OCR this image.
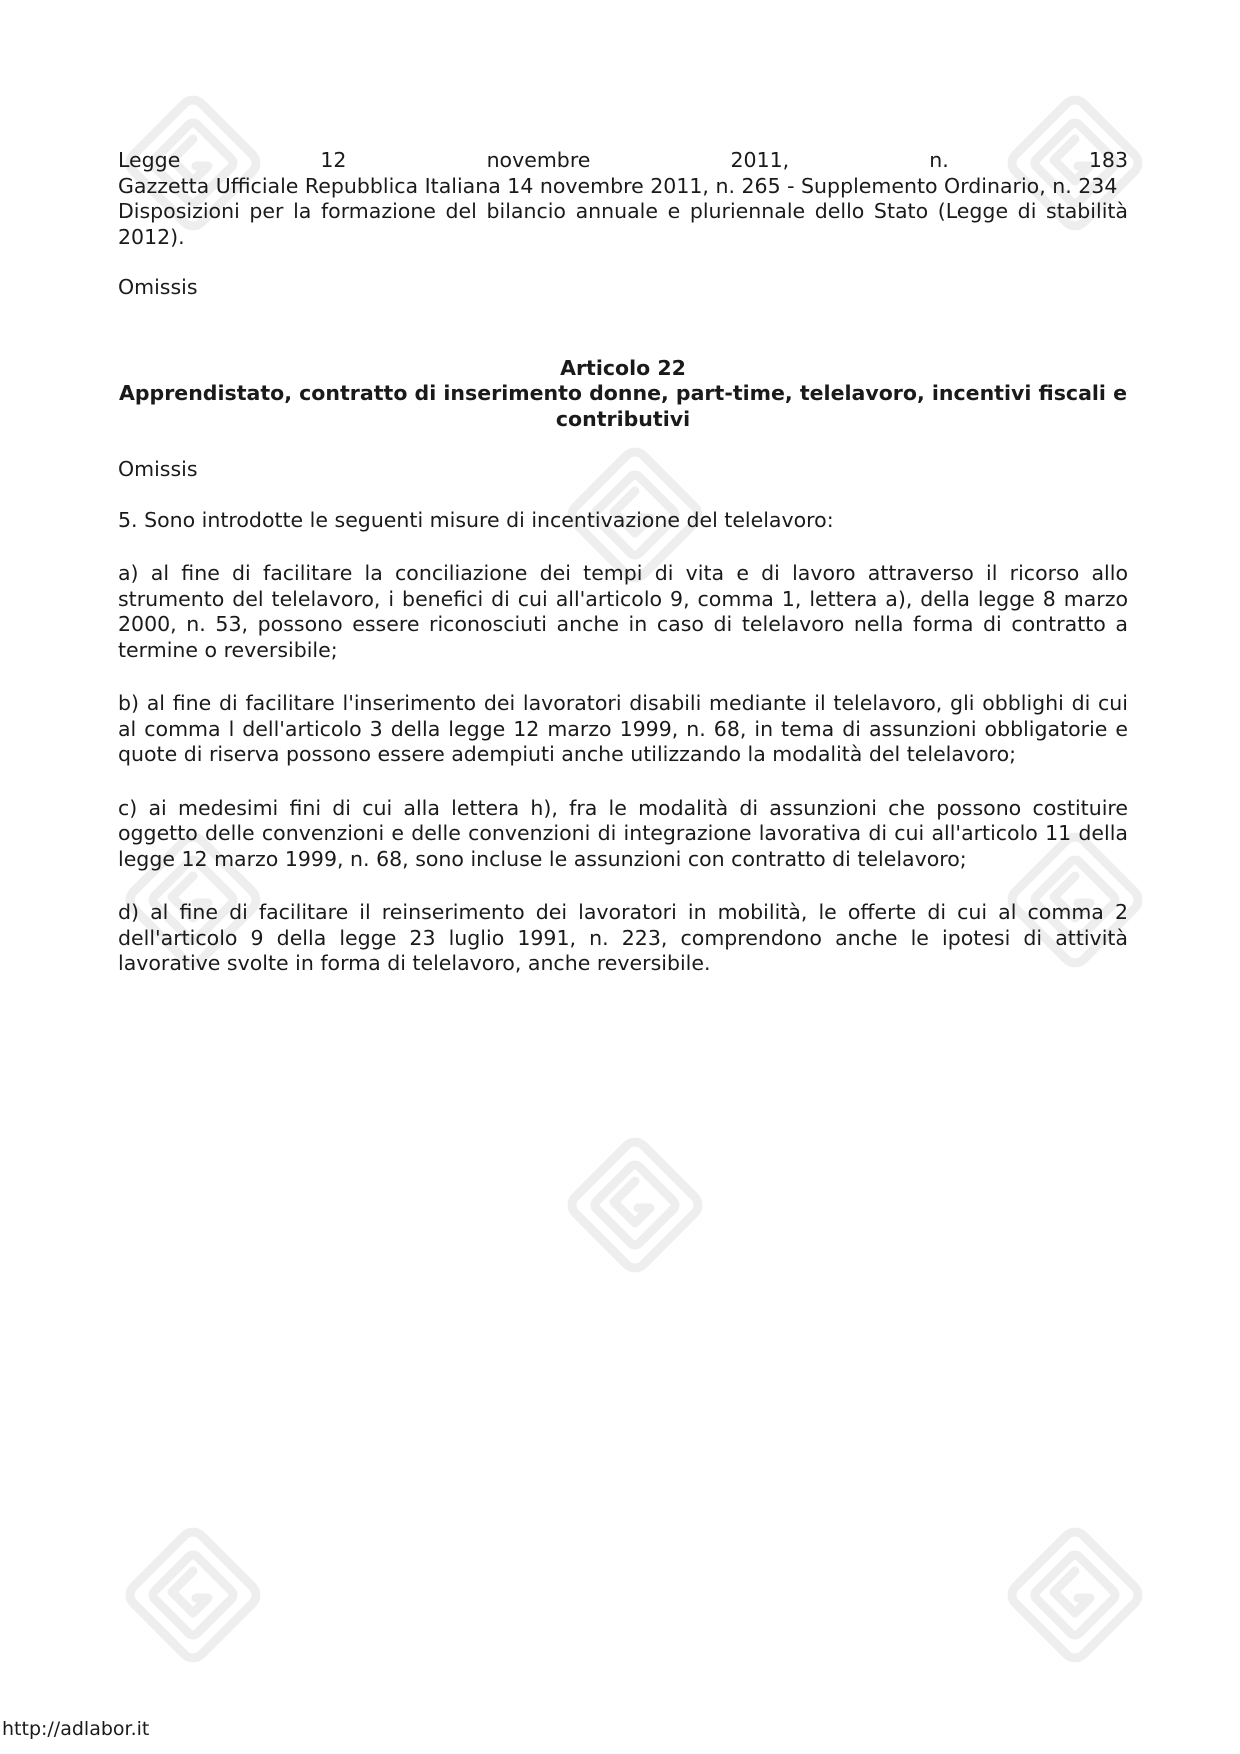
Legge	12	novembre	2011,	n.	183

Gazzetta Ufficiale Repubblica Italiana 14 novembre 2011, n. 265 - Supplemento Ordinario, n. 234

Disposizioni per la formazione del bilancio annuale e pluriennale dello Stato (Legge di stabilità 2012).

Omissis

Articolo 22

Apprendistato, contratto di inserimento donne, part-time, telelavoro, incentivi fiscali e contributivi

Omissis

5. Sono introdotte le seguenti misure di incentivazione del telelavoro:

a) al fine di facilitare la conciliazione dei tempi di vita e di lavoro attraverso il ricorso allo strumento del telelavoro, i benefici di cui all'articolo 9, comma 1, lettera a), della legge 8 marzo 2000, n. 53, possono essere riconosciuti anche in caso di telelavoro nella forma di contratto a termine o reversibile;

b) al fine di facilitare l'inserimento dei lavoratori disabili mediante il telelavoro, gli obblighi di cui al comma l dell'articolo 3 della legge 12 marzo 1999, n. 68, in tema di assunzioni obbligatorie e quote di riserva possono essere adempiuti anche utilizzando la modalità del telelavoro;

c) ai medesimi fini di cui alla lettera h), fra le modalità di assunzioni che possono costituire oggetto delle convenzioni e delle convenzioni di integrazione lavorativa di cui all'articolo 11 della legge 12 marzo 1999, n. 68, sono incluse le assunzioni con contratto di telelavoro;

d) al fine di facilitare il reinserimento dei lavoratori in mobilità, le offerte di cui al comma 2 dell'articolo 9 della legge 23 luglio 1991, n. 223, comprendono anche le ipotesi di attività lavorative svolte in forma di telelavoro, anche reversibile.

http://adlabor.it
